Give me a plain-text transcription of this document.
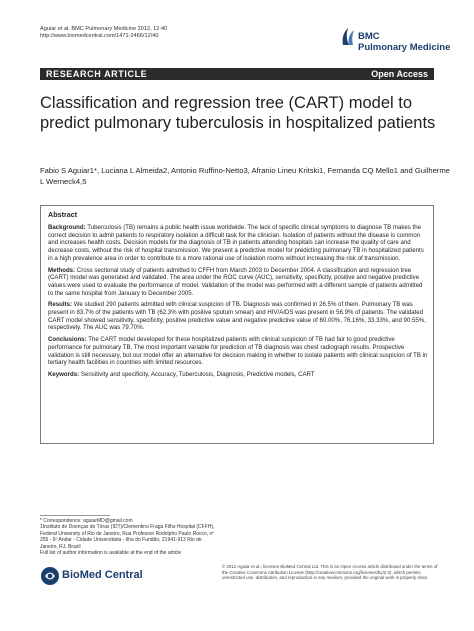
Aguiar et al. BMC Pulmonary Medicine 2012, 12:40
http://www.biomedcentral.com/1471-2466/12/40	BMC
Pulmonary Medicine
RESEARCH ARTICLE	Open Access
Classification and regression tree (CART) model to predict pulmonary tuberculosis in hospitalized patients
Fabio S Aguiar1*, Luciana L Almeida2, Antonio Ruffino-Netto3, Afranio Lineu Kritski1, Fernanda CQ Mello1 and Guilherme L Werneck4,5
Abstract

Background: Tuberculosis (TB) remains a public health issue worldwide. The lack of specific clinical symptoms to diagnose TB makes the correct decision to admit patients to respiratory isolation a difficult task for the clinician. Isolation of patients without the disease is common and increases health costs. Decision models for the diagnosis of TB in patients attending hospitals can increase the quality of care and decrease costs, without the risk of hospital transmission. We present a predictive model for predicting pulmonary TB in hospitalized patients in a high prevalence area in order to contribute to a more rational use of isolation rooms without increasing the risk of transmission.

Methods: Cross sectional study of patients admitted to CFFH from March 2003 to December 2004. A classification and regression tree (CART) model was generated and validated. The area under the ROC curve (AUC), sensitivity, specificity, positive and negative predictive values were used to evaluate the performance of model. Validation of the model was performed with a different sample of patients admitted to the same hospital from January to December 2005.

Results: We studied 290 patients admitted with clinical suspicion of TB. Diagnosis was confirmed in 26.5% of them. Pulmonary TB was present in 83.7% of the patients with TB (62.3% with positive sputum smear) and HIV/AIDS was present in 56.9% of patients. The validated CART model showed sensitivity, specificity, positive predictive value and negative predictive value of 60.00%, 76.16%, 33.33%, and 90.55%, respectively. The AUC was 79.70%.

Conclusions: The CART model developed for these hospitalized patients with clinical suspicion of TB had fair to good predictive performance for pulmonary TB. The most important variable for prediction of TB diagnosis was chest radiograph results. Prospective validation is still necessary, but our model offer an alternative for decision making in whether to isolate patients with clinical suspicion of TB in tertiary health facilities in countries with limited resources.

Keywords: Sensitivity and specificity, Accuracy, Tuberculosis, Diagnosis, Predictive models, CART

* Correspondence: aguiarMD@gmail.com
1Instituto de Doenças do Tórax (IDT)/Clementino Fraga Filho Hospital (CFFH), Federal University of Rio de Janeiro, Rua Professor Rodolpho Paulo Rocco, nº 255 - 6º Andar - Cidade Universitária - Ilha do Fundão, 21941-913 Rio de Janeiro, RJ, Brazil
Full list of author information is available at the end of the article
BioMed Central
© 2012 Aguiar et al.; licensee BioMed Central Ltd. This is an Open Access article distributed under the terms of the Creative Commons Attribution License (http://creativecommons.org/licenses/by/2.0), which permits unrestricted use, distribution, and reproduction in any medium, provided the original work is properly cited.
